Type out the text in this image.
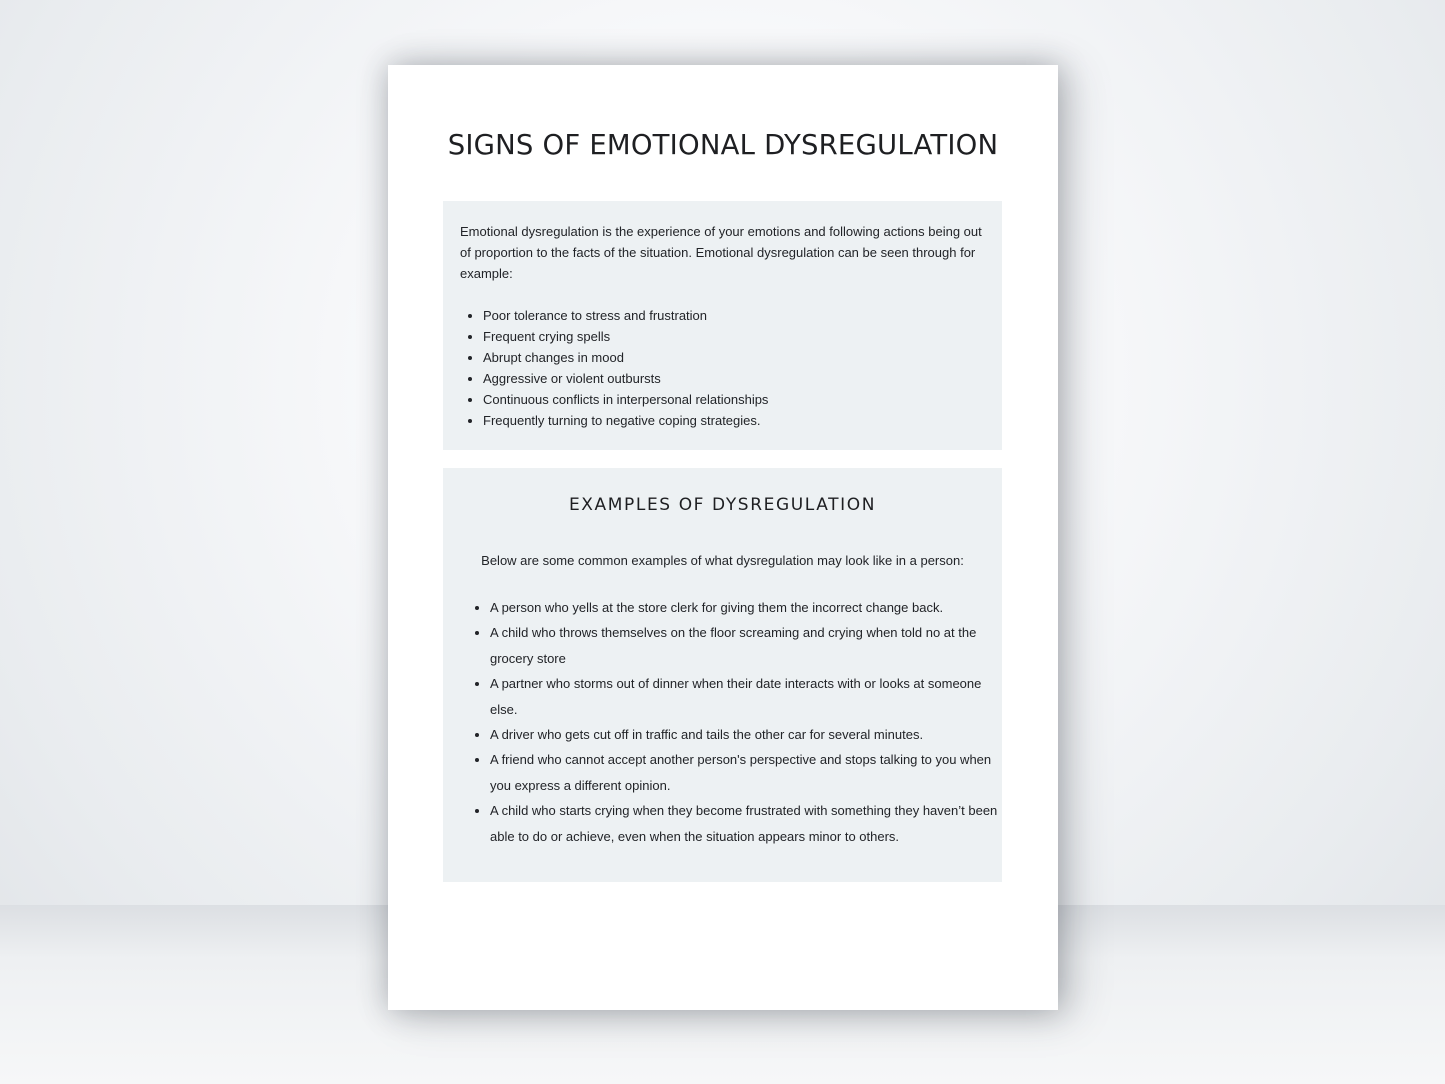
SIGNS OF EMOTIONAL DYSREGULATION

Emotional dysregulation is the experience of your emotions and following actions being out of proportion to the facts of the situation. Emotional dysregulation can be seen through for example:

• Poor tolerance to stress and frustration
• Frequent crying spells
• Abrupt changes in mood
• Aggressive or violent outbursts
• Continuous conflicts in interpersonal relationships
• Frequently turning to negative coping strategies.
EXAMPLES OF DYSREGULATION

Below are some common examples of what dysregulation may look like in a person:

• A person who yells at the store clerk for giving them the incorrect change back.
• A child who throws themselves on the floor screaming and crying when told no at the grocery store
• A partner who storms out of dinner when their date interacts with or looks at someone else.
• A driver who gets cut off in traffic and tails the other car for several minutes.
• A friend who cannot accept another person's perspective and stops talking to you when you express a different opinion.
• A child who starts crying when they become frustrated with something they haven’t been able to do or achieve, even when the situation appears minor to others.
